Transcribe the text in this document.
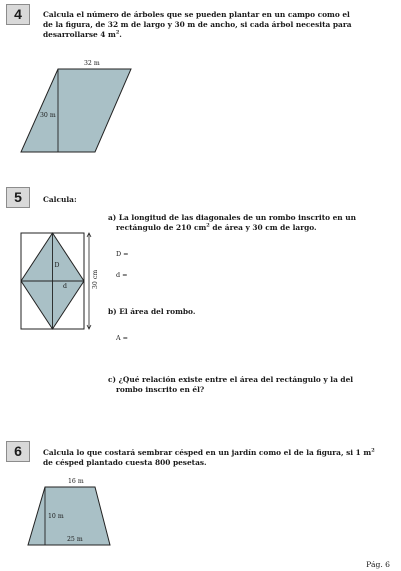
4	Calcula el número de árboles que se pueden plantar en un campo como el
de la figura, de 32 m de largo y 30 m de ancho, si cada árbol necesita para
desarrollarse 4 $m^2$.
32 m
30 m
5	Calcula:
a) La longitud de las diagonales de un rombo inscrito en un
rectángulo de 210 $cm^2$ de área y 30 cm de largo.
D =
d =
b) El área del rombo.
A =
c) ¿Qué relación existe entre el área del rectángulo y la del
rombo inscrito en él?
D
d	30 cm
6	Calcula lo que costará sembrar césped en un jardín como el de la figura, si 1 $m^2$
de césped plantado cuesta 800 pesetas.
16 m
10 m
25 m
Pág. 6
